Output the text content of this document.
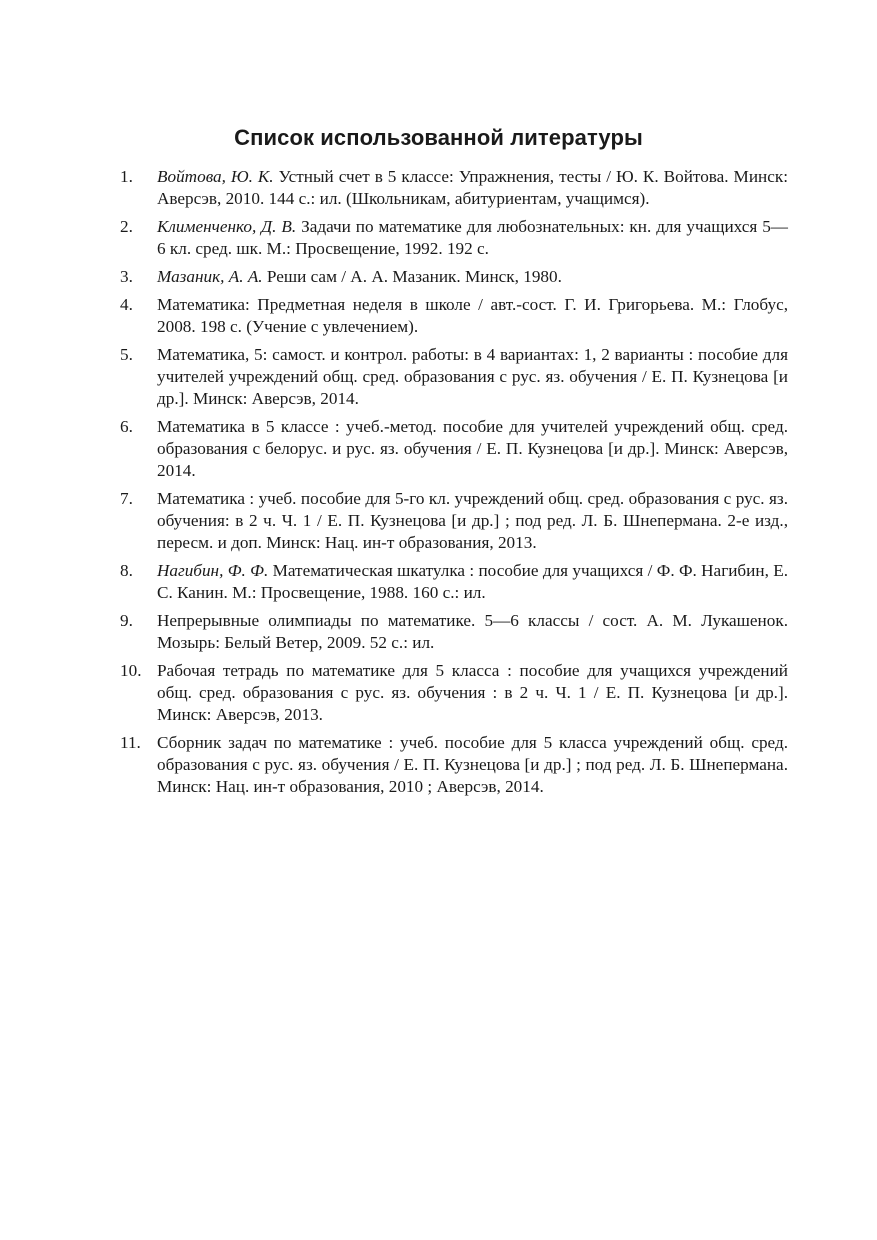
Список использованной литературы
1. Войтова, Ю. К. Устный счет в 5 классе: Упражнения, тесты / Ю. К. Войтова. Минск: Аверсэв, 2010. 144 с.: ил. (Школьникам, абитуриентам, учащимся).
2. Клименченко, Д. В. Задачи по математике для любознательных: кн. для учащихся 5—6 кл. сред. шк. М.: Просвещение, 1992. 192 с.
3. Мазаник, А. А. Реши сам / А. А. Мазаник. Минск, 1980.
4. Математика: Предметная неделя в школе / авт.-сост. Г. И. Григорьева. М.: Глобус, 2008. 198 с. (Учение с увлечением).
5. Математика, 5: самост. и контрол. работы: в 4 вариантах: 1, 2 варианты : пособие для учителей учреждений общ. сред. образования с рус. яз. обучения / Е. П. Кузнецова [и др.]. Минск: Аверсэв, 2014.
6. Математика в 5 классе : учеб.-метод. пособие для учителей учреждений общ. сред. образования с белорус. и рус. яз. обучения / Е. П. Кузнецова [и др.]. Минск: Аверсэв, 2014.
7. Математика : учеб. пособие для 5-го кл. учреждений общ. сред. образования с рус. яз. обучения: в 2 ч. Ч. 1 / Е. П. Кузнецова [и др.] ; под ред. Л. Б. Шнепермана. 2-е изд., пересм. и доп. Минск: Нац. ин-т образования, 2013.
8. Нагибин, Ф. Ф. Математическая шкатулка : пособие для учащихся / Ф. Ф. Нагибин, Е. С. Канин. М.: Просвещение, 1988. 160 с.: ил.
9. Непрерывные олимпиады по математике. 5—6 классы / сост. А. М. Лукашенок. Мозырь: Белый Ветер, 2009. 52 с.: ил.
10. Рабочая тетрадь по математике для 5 класса : пособие для учащихся учреждений общ. сред. образования с рус. яз. обучения : в 2 ч. Ч. 1 / Е. П. Кузнецова [и др.]. Минск: Аверсэв, 2013.
11. Сборник задач по математике : учеб. пособие для 5 класса учреждений общ. сред. образования с рус. яз. обучения / Е. П. Кузнецова [и др.] ; под ред. Л. Б. Шнепермана. Минск: Нац. ин-т образования, 2010 ; Аверсэв, 2014.
